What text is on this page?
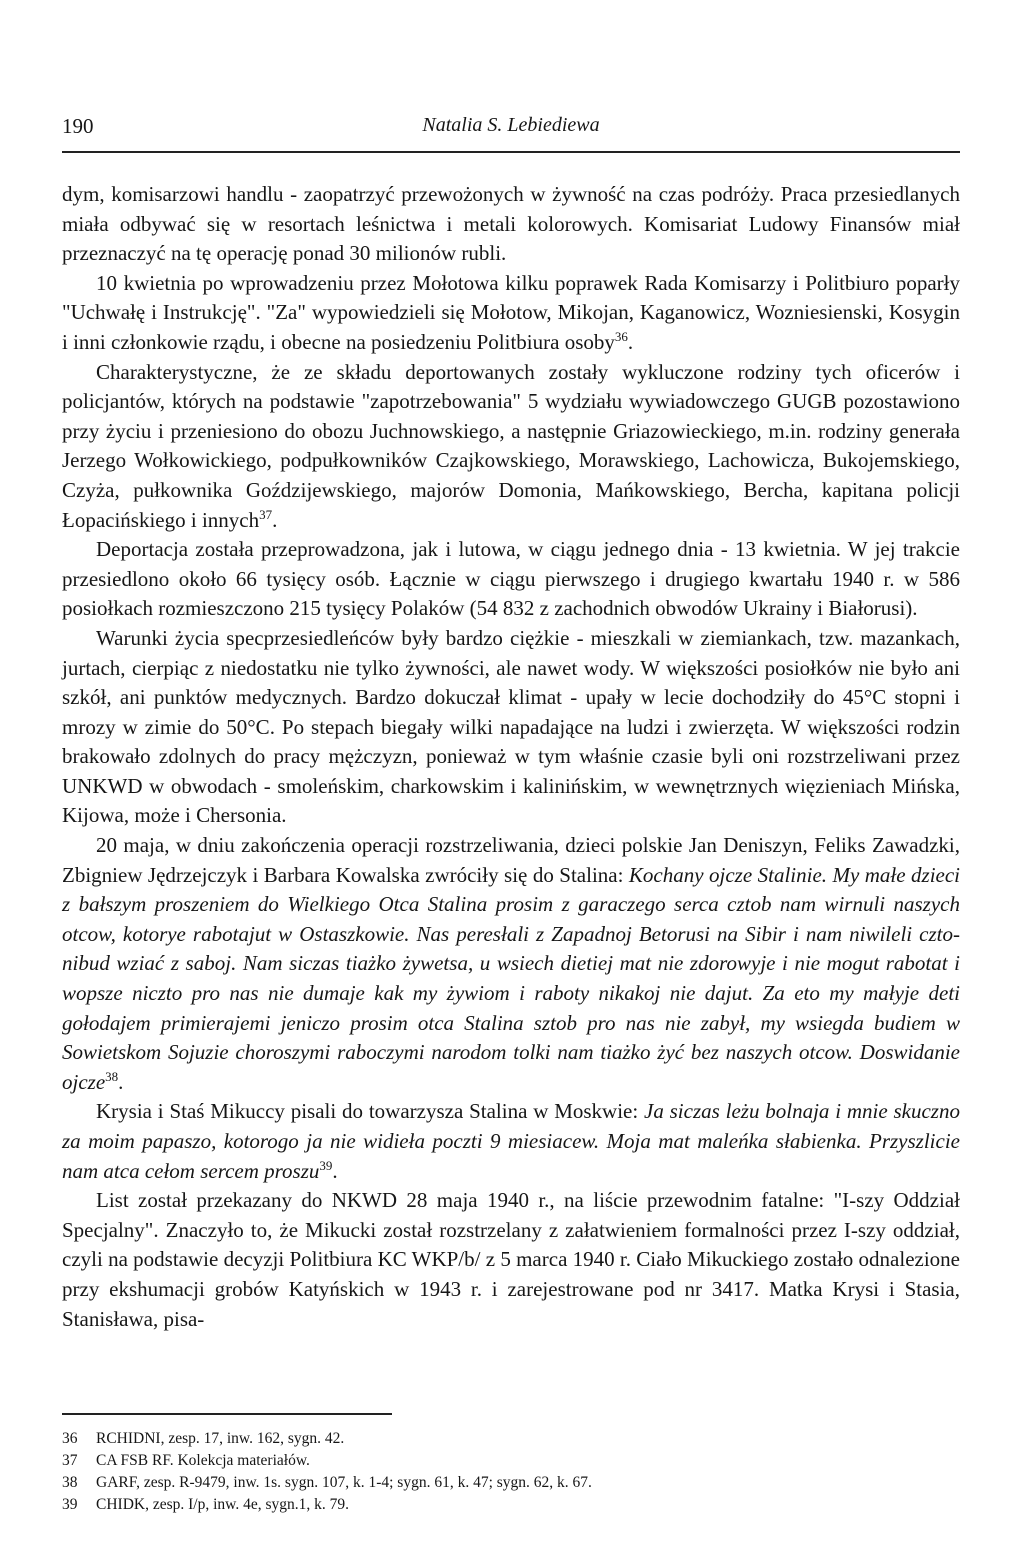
190	Natalia S. Lebiediewa

dym, komisarzowi handlu - zaopatrzyć przewożonych w żywność na czas podróży. Praca przesiedlanych miała odbywać się w resortach leśnictwa i metali kolorowych. Komisariat Ludowy Finansów miał przeznaczyć na tę operację ponad 30 milionów rubli.

10 kwietnia po wprowadzeniu przez Mołotowa kilku poprawek Rada Komisarzy i Politbiuro poparły "Uchwałę i Instrukcję". "Za" wypowiedzieli się Mołotow, Mikojan, Kaganowicz, Wozniesienski, Kosygin i inni członkowie rządu, i obecne na posiedzeniu Politbiura osoby$^{36}$.

Charakterystyczne, że ze składu deportowanych zostały wykluczone rodziny tych oficerów i policjantów, których na podstawie "zapotrzebowania" 5 wydziału wywiadowczego GUGB pozostawiono przy życiu i przeniesiono do obozu Juchnowskiego, a następnie Griazowieckiego, m.in. rodziny generała Jerzego Wołkowickiego, podpułkowników Czajkowskiego, Morawskiego, Lachowicza, Bukojemskiego, Czyża, pułkownika Goździjewskiego, majorów Domonia, Mańkowskiego, Bercha, kapitana policji Łopacińskiego i innych$^{37}$.

Deportacja została przeprowadzona, jak i lutowa, w ciągu jednego dnia - 13 kwietnia. W jej trakcie przesiedlono około 66 tysięcy osób. Łącznie w ciągu pierwszego i drugiego kwartału 1940 r. w 586 posiołkach rozmieszczono 215 tysięcy Polaków (54 832 z zachodnich obwodów Ukrainy i Białorusi).

Warunki życia specprzesiedleńców były bardzo ciężkie - mieszkali w ziemiankach, tzw. mazankach, jurtach, cierpiąc z niedostatku nie tylko żywności, ale nawet wody. W większości posiołków nie było ani szkół, ani punktów medycznych. Bardzo dokuczał klimat - upały w lecie dochodziły do 45°C stopni i mrozy w zimie do 50°C. Po stepach biegały wilki napadające na ludzi i zwierzęta. W większości rodzin brakowało zdolnych do pracy mężczyzn, ponieważ w tym właśnie czasie byli oni rozstrzeliwani przez UNKWD w obwodach - smoleńskim, charkowskim i kalinińskim, w wewnętrznych więzieniach Mińska, Kijowa, może i Chersonia.

20 maja, w dniu zakończenia operacji rozstrzeliwania, dzieci polskie Jan Deniszyn, Feliks Zawadzki, Zbigniew Jędrzejczyk i Barbara Kowalska zwróciły się do Stalina: Kochany ojcze Stalinie. My małe dzieci z bałszym proszeniem do Wielkiego Otca Stalina prosim z garaczego serca cztob nam wirnuli naszych otcow, kotorye rabotajut w Ostaszkowie. Nas peresłali z Zapadnoj Betorusi na Sibir i nam niwileli czto-nibud wziać z saboj. Nam siczas tiażko żywetsa, u wsiech dietiej mat nie zdorowyje i nie mogut rabotat i wopsze niczto pro nas nie dumaje kak my żywiom i raboty nikakoj nie dajut. Za eto my małyje deti gołodajem primierajemi jeniczo prosim otca Stalina sztob pro nas nie zabył, my wsiegda budiem w Sowietskom Sojuzie choroszymi raboczymi narodom tolki nam tiażko żyć bez naszych otcow. Doswidanie ojcze$^{38}$.

Krysia i Staś Mikuccy pisali do towarzysza Stalina w Moskwie: Ja siczas leżu bolnaja i mnie skuczno za moim papaszo, kotorogo ja nie widieła poczti 9 miesiacew. Moja mat maleńka słabienka. Przyszlicie nam atca cełom sercem proszu$^{39}$.

List został przekazany do NKWD 28 maja 1940 r., na liście przewodnim fatalne: "I-szy Oddział Specjalny". Znaczyło to, że Mikucki został rozstrzelany z załatwieniem formalności przez I-szy oddział, czyli na podstawie decyzji Politbiura KC WKP/b/ z 5 marca 1940 r. Ciało Mikuckiego zostało odnalezione przy ekshumacji grobów Katyńskich w 1943 r. i zarejestrowane pod nr 3417. Matka Krysi i Stasia, Stanisława, pisa-

36 RCHIDNI, zesp. 17, inw. 162, sygn. 42.
37 CA FSB RF. Kolekcja materiałów.
38 GARF, zesp. R-9479, inw. 1s. sygn. 107, k. 1-4; sygn. 61, k. 47; sygn. 62, k. 67.
39 CHIDK, zesp. I/p, inw. 4e, sygn.1, k. 79.
